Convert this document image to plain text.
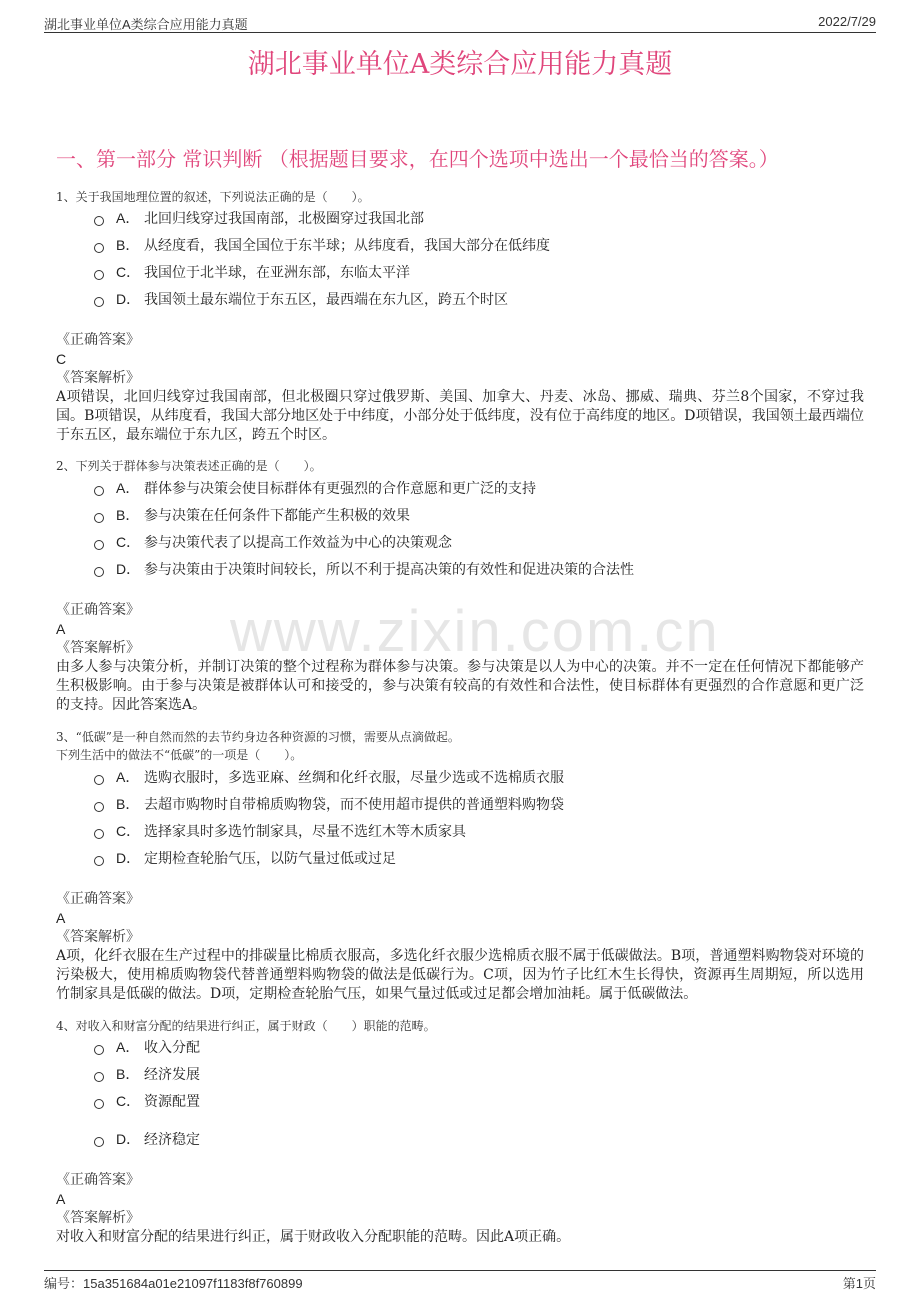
湖北事业单位A类综合应用能力真题	2022/7/29
湖北事业单位A类综合应用能力真题
一、第一部分 常识判断 （根据题目要求，在四个选项中选出一个最恰当的答案。）
www.zixin.com.cn
1、关于我国地理位置的叙述，下列说法正确的是（　　）。
A． 北回归线穿过我国南部，北极圈穿过我国北部
B． 从经度看，我国全国位于东半球；从纬度看，我国大部分在低纬度
C． 我国位于北半球，在亚洲东部，东临太平洋
D． 我国领土最东端位于东五区，最西端在东九区，跨五个时区
《正确答案》
C
《答案解析》
A项错误，北回归线穿过我国南部，但北极圈只穿过俄罗斯、美国、加拿大、丹麦、冰岛、挪威、瑞典、芬兰8个国家，不穿过我国。B项错误，从纬度看，我国大部分地区处于中纬度，小部分处于低纬度，没有位于高纬度的地区。D项错误，我国领土最西端位于东五区，最东端位于东九区，跨五个时区。
2、下列关于群体参与决策表述正确的是（　　）。
A． 群体参与决策会使目标群体有更强烈的合作意愿和更广泛的支持
B． 参与决策在任何条件下都能产生积极的效果
C． 参与决策代表了以提高工作效益为中心的决策观念
D． 参与决策由于决策时间较长，所以不利于提高决策的有效性和促进决策的合法性
《正确答案》
A
《答案解析》
由多人参与决策分析，并制订决策的整个过程称为群体参与决策。参与决策是以人为中心的决策。并不一定在任何情况下都能够产生积极影响。由于参与决策是被群体认可和接受的，参与决策有较高的有效性和合法性，使目标群体有更强烈的合作意愿和更广泛的支持。因此答案选A。
3、“低碳”是一种自然而然的去节约身边各种资源的习惯，需要从点滴做起。
下列生活中的做法不“低碳”的一项是（　　）。
A． 选购衣服时，多选亚麻、丝绸和化纤衣服，尽量少选或不选棉质衣服
B． 去超市购物时自带棉质购物袋，而不使用超市提供的普通塑料购物袋
C． 选择家具时多选竹制家具，尽量不选红木等木质家具
D． 定期检查轮胎气压，以防气量过低或过足
《正确答案》
A
《答案解析》
A项，化纤衣服在生产过程中的排碳量比棉质衣服高，多选化纤衣服少选棉质衣服不属于低碳做法。B项，普通塑料购物袋对环境的污染极大，使用棉质购物袋代替普通塑料购物袋的做法是低碳行为。C项，因为竹子比红木生长得快，资源再生周期短，所以选用竹制家具是低碳的做法。D项，定期检查轮胎气压，如果气量过低或过足都会增加油耗。属于低碳做法。
4、对收入和财富分配的结果进行纠正，属于财政（　　）职能的范畴。
A． 收入分配
B． 经济发展
C． 资源配置
D． 经济稳定
《正确答案》
A
《答案解析》
对收入和财富分配的结果进行纠正，属于财政收入分配职能的范畴。因此A项正确。
编号：15a351684a01e21097f1183f8f760899	第1页
